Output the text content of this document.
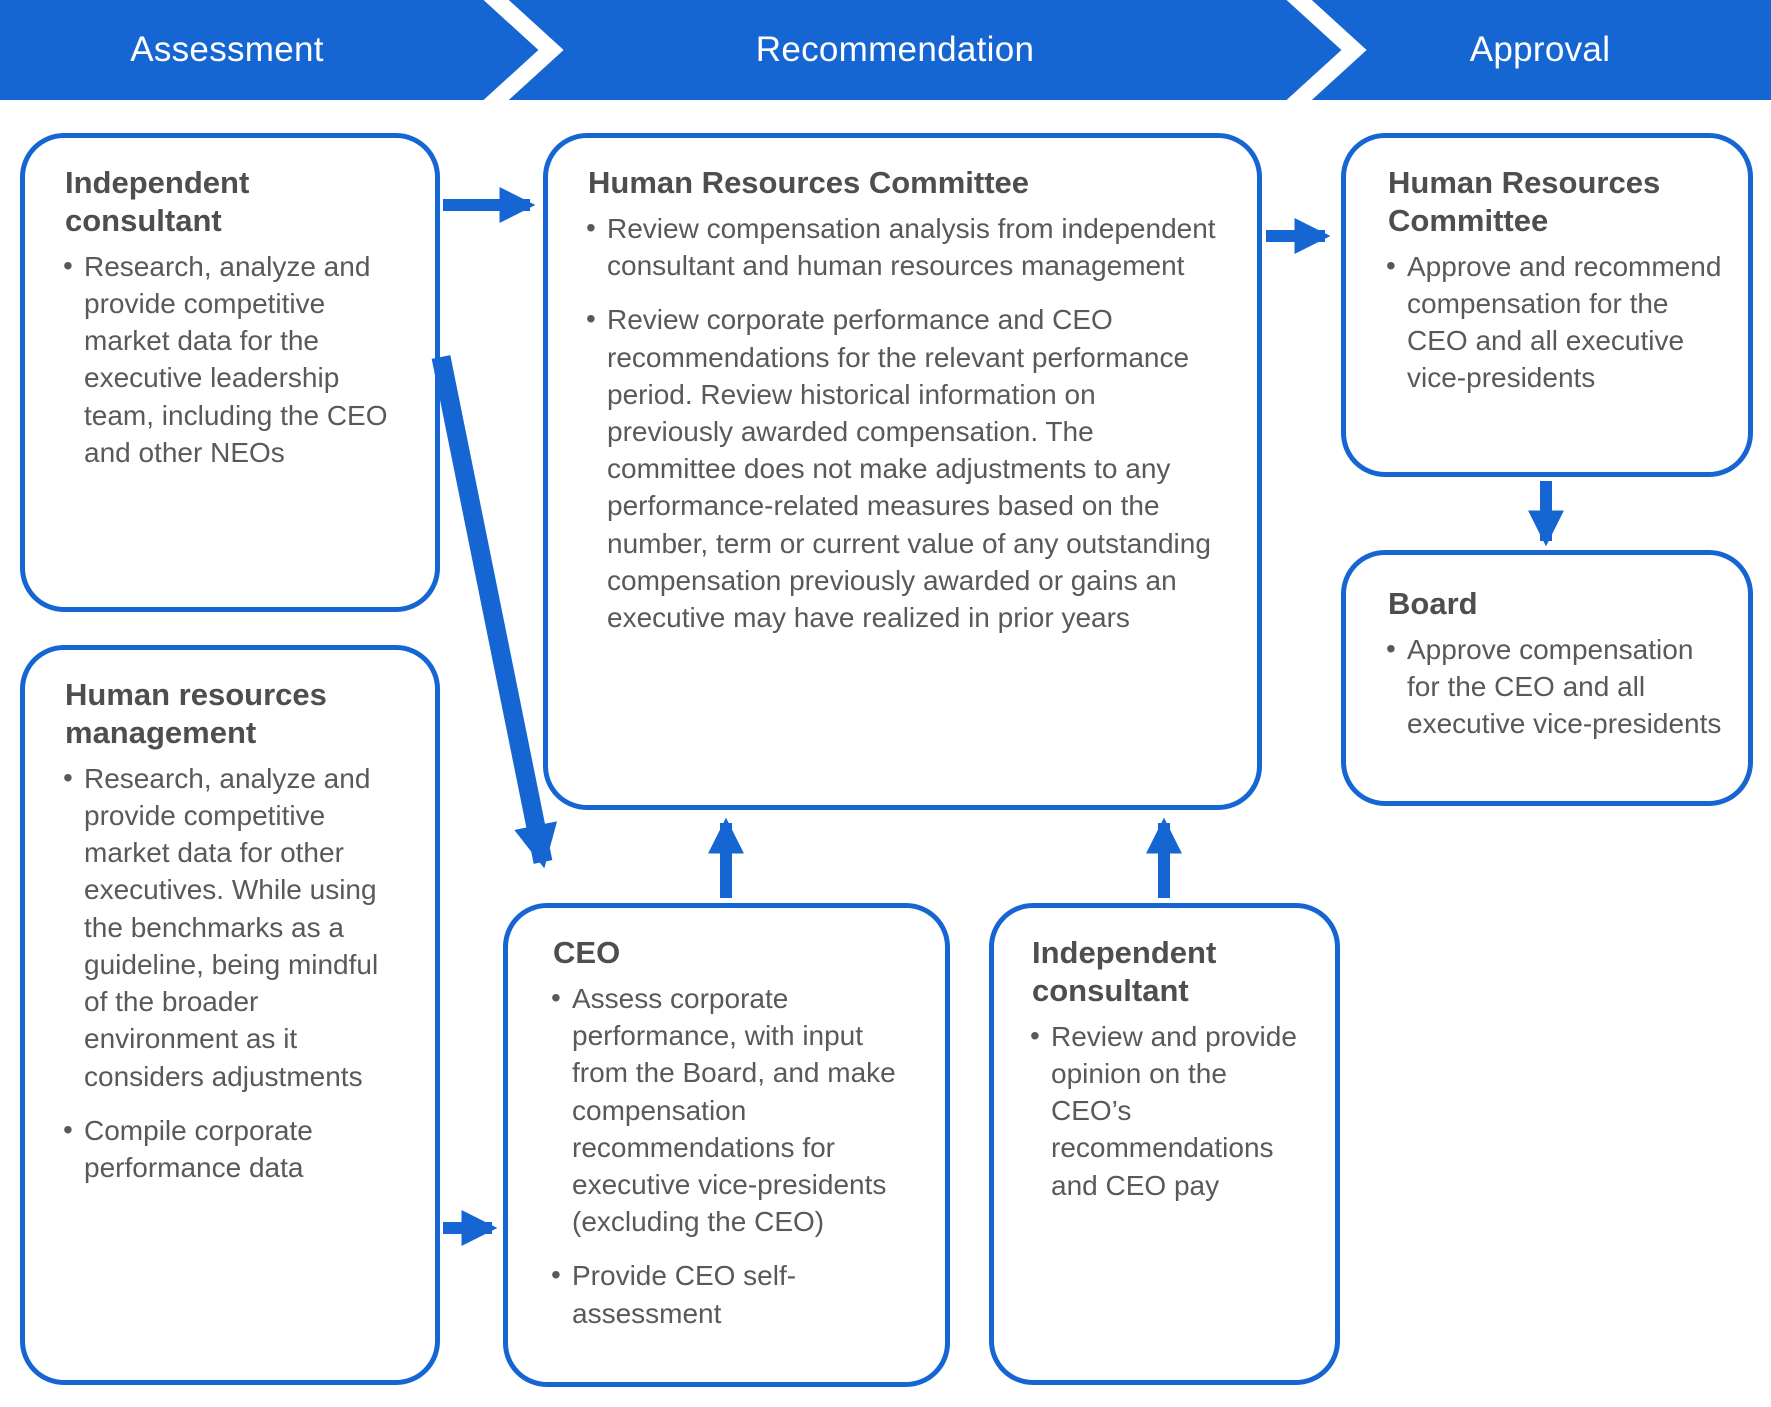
Assessment	Recommendation	Approval
Independent consultant
• Research, analyze and provide competitive market data for the executive leadership team, including the CEO and other NEOs
Human resources management
• Research, analyze and provide competitive market data for other executives. While using the benchmarks as a guideline, being mindful of the broader environment as it considers adjustments
• Compile corporate performance data
Human Resources Committee
• Review compensation analysis from independent consultant and human resources management
• Review corporate performance and CEO recommendations for the relevant performance period. Review historical information on previously awarded compensation. The committee does not make adjustments to any performance-related measures based on the number, term or current value of any outstanding compensation previously awarded or gains an executive may have realized in prior years
CEO
• Assess corporate performance, with input from the Board, and make compensation recommendations for executive vice-presidents (excluding the CEO)
• Provide CEO self-assessment
Independent consultant
• Review and provide opinion on the CEO’s recommendations and CEO pay
Human Resources Committee
• Approve and recommend compensation for the CEO and all executive vice-presidents
Board
• Approve compensation for the CEO and all executive vice-presidents
